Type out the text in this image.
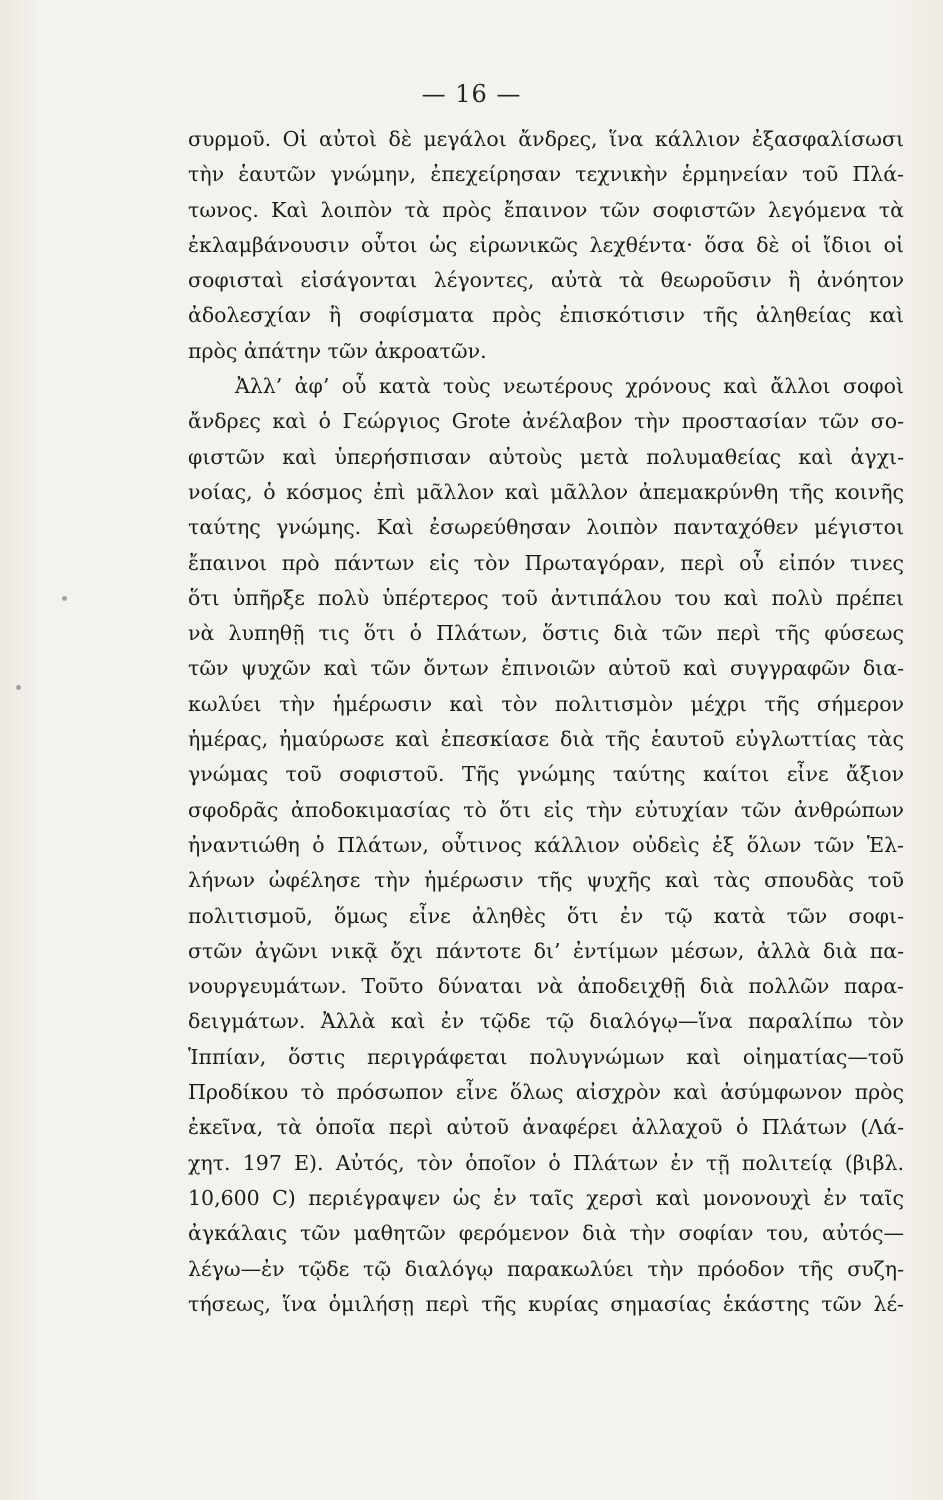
— 16 —
συρμοῦ. Οἱ αὐτοὶ δὲ μεγάλοι ἄνδρες, ἵνα κάλλιον ἐξασφαλίσωσι
τὴν ἑαυτῶν γνώμην, ἐπεχείρησαν τεχνικὴν ἑρμηνείαν τοῦ Πλά-
τωνος. Καὶ λοιπὸν τὰ πρὸς ἔπαινον τῶν σοφιστῶν λεγόμενα τὰ
ἐκλαμβάνουσιν οὗτοι ὡς εἰρωνικῶς λεχθέντα· ὅσα δὲ οἱ ἴδιοι οἱ
σοφισταὶ εἰσάγονται λέγοντες, αὐτὰ τὰ θεωροῦσιν ἢ ἀνόητον
ἀδολεσχίαν ἢ σοφίσματα πρὸς ἐπισκότισιν τῆς ἀληθείας καὶ
πρὸς ἀπάτην τῶν ἀκροατῶν.
Ἀλλ’ ἀφ’ οὗ κατὰ τοὺς νεωτέρους χρόνους καὶ ἄλλοι σοφοὶ
ἄνδρες καὶ ὁ Γεώργιος Grote ἀνέλαβον τὴν προστασίαν τῶν σο-
φιστῶν καὶ ὑπερήσπισαν αὐτοὺς μετὰ πολυμαθείας καὶ ἀγχι-
νοίας, ὁ κόσμος ἐπὶ μᾶλλον καὶ μᾶλλον ἀπεμακρύνθη τῆς κοινῆς
ταύτης γνώμης. Καὶ ἐσωρεύθησαν λοιπὸν πανταχόθεν μέγιστοι
ἔπαινοι πρὸ πάντων εἰς τὸν Πρωταγόραν, περὶ οὗ εἰπόν τινες
ὅτι ὑπῆρξε πολὺ ὑπέρτερος τοῦ ἀντιπάλου του καὶ πολὺ πρέπει
νὰ λυπηθῇ τις ὅτι ὁ Πλάτων, ὅστις διὰ τῶν περὶ τῆς φύσεως
τῶν ψυχῶν καὶ τῶν ὄντων ἐπινοιῶν αὐτοῦ καὶ συγγραφῶν δια-
κωλύει τὴν ἡμέρωσιν καὶ τὸν πολιτισμὸν μέχρι τῆς σήμερον
ἡμέρας, ἠμαύρωσε καὶ ἐπεσκίασε διὰ τῆς ἑαυτοῦ εὐγλωττίας τὰς
γνώμας τοῦ σοφιστοῦ. Τῆς γνώμης ταύτης καίτοι εἶνε ἄξιον
σφοδρᾶς ἀποδοκιμασίας τὸ ὅτι εἰς τὴν εὐτυχίαν τῶν ἀνθρώπων
ἠναντιώθη ὁ Πλάτων, οὗτινος κάλλιον οὐδεὶς ἐξ ὅλων τῶν Ἑλ-
λήνων ὠφέλησε τὴν ἡμέρωσιν τῆς ψυχῆς καὶ τὰς σπουδὰς τοῦ
πολιτισμοῦ, ὅμως εἶνε ἀληθὲς ὅτι ἐν τῷ κατὰ τῶν σοφι-
στῶν ἀγῶνι νικᾷ ὄχι πάντοτε δι’ ἐντίμων μέσων, ἀλλὰ διὰ πα-
νουργευμάτων. Τοῦτο δύναται νὰ ἀποδειχθῇ διὰ πολλῶν παρα-
δειγμάτων. Ἀλλὰ καὶ ἐν τῷδε τῷ διαλόγῳ—ἵνα παραλίπω τὸν
Ἱππίαν, ὅστις περιγράφεται πολυγνώμων καὶ οἰηματίας—τοῦ
Προδίκου τὸ πρόσωπον εἶνε ὅλως αἰσχρὸν καὶ ἀσύμφωνον πρὸς
ἐκεῖνα, τὰ ὁποῖα περὶ αὐτοῦ ἀναφέρει ἀλλαχοῦ ὁ Πλάτων (Λά-
χητ. 197 Ε). Αὐτός, τὸν ὁποῖον ὁ Πλάτων ἐν τῇ πολιτείᾳ (βιβλ.
10,600 C) περιέγραψεν ὡς ἐν ταῖς χερσὶ καὶ μονονουχὶ ἐν ταῖς
ἀγκάλαις τῶν μαθητῶν φερόμενον διὰ τὴν σοφίαν του, αὐτός—
λέγω—ἐν τῷδε τῷ διαλόγῳ παρακωλύει τὴν πρόοδον τῆς συζη-
τήσεως, ἵνα ὁμιλήσῃ περὶ τῆς κυρίας σημασίας ἑκάστης τῶν λέ-
